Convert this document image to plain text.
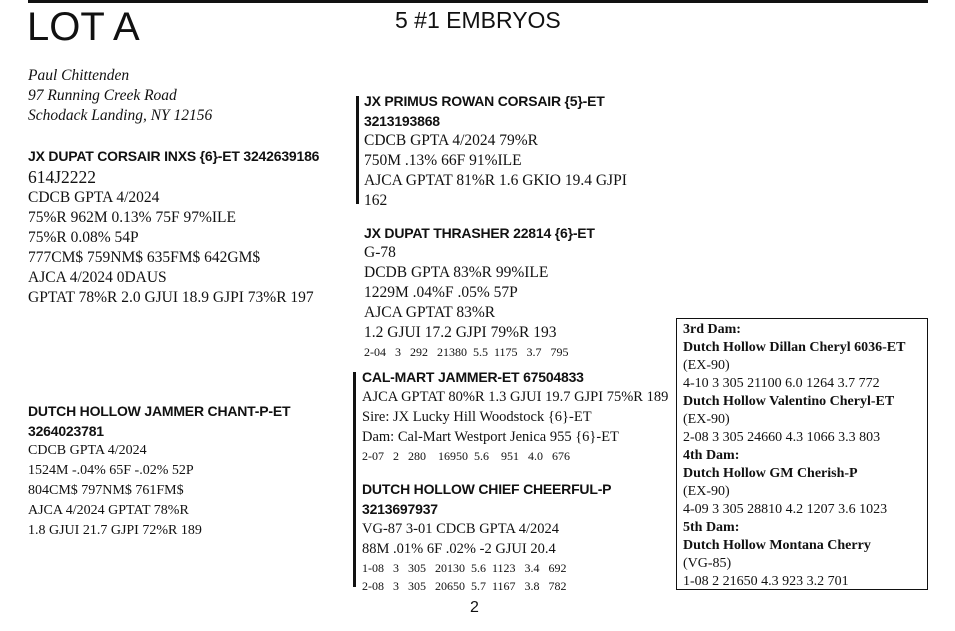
LOT A	5 #1 EMBRYOS
Paul Chittenden
97 Running Creek Road
Schodack Landing, NY 12156
JX DUPAT CORSAIR INXS {6}-ET 3242639186
614J2222
CDCB GPTA 4/2024
75%R 962M 0.13% 75F 97%ILE
75%R 0.08% 54P
777CM$ 759NM$ 635FM$ 642GM$
AJCA 4/2024 0DAUS
GPTAT 78%R 2.0 GJUI 18.9 GJPI 73%R 197
DUTCH HOLLOW JAMMER CHANT-P-ET
3264023781
CDCB GPTA 4/2024
1524M -.04% 65F -.02% 52P
804CM$ 797NM$ 761FM$
AJCA 4/2024 GPTAT 78%R
1.8 GJUI 21.7 GJPI 72%R 189
JX PRIMUS ROWAN CORSAIR {5}-ET
3213193868
CDCB GPTA 4/2024 79%R
750M .13% 66F 91%ILE
AJCA GPTAT 81%R 1.6 GKIO 19.4 GJPI
162
JX DUPAT THRASHER 22814 {6}-ET
G-78
DCDB GPTA 83%R 99%ILE
1229M .04%F .05% 57P
AJCA GPTAT 83%R
1.2 GJUI 17.2 GJPI 79%R 193
2-04   3   292   21380  5.5  1175   3.7   795
CAL-MART JAMMER-ET 67504833
AJCA GPTAT 80%R 1.3 GJUI 19.7 GJPI 75%R 189
Sire: JX Lucky Hill Woodstock {6}-ET
Dam: Cal-Mart Westport Jenica 955 {6}-ET
2-07   2   280    16950  5.6    951   4.0   676
DUTCH HOLLOW CHIEF CHEERFUL-P
3213697937
VG-87 3-01 CDCB GPTA 4/2024
88M .01% 6F .02% -2 GJUI 20.4
1-08   3   305   20130  5.6  1123   3.4   692
2-08   3   305   20650  5.7  1167   3.8   782
3rd Dam:
Dutch Hollow Dillan Cheryl 6036-ET
(EX-90)
4-10 3 305 21100 6.0 1264 3.7 772
Dutch Hollow Valentino Cheryl-ET
(EX-90)
2-08 3 305 24660 4.3 1066 3.3 803
4th Dam:
Dutch Hollow GM Cherish-P
(EX-90)
4-09 3 305 28810 4.2 1207 3.6 1023
5th Dam:
Dutch Hollow Montana Cherry
(VG-85)
1-08 2 21650 4.3 923 3.2 701
2
